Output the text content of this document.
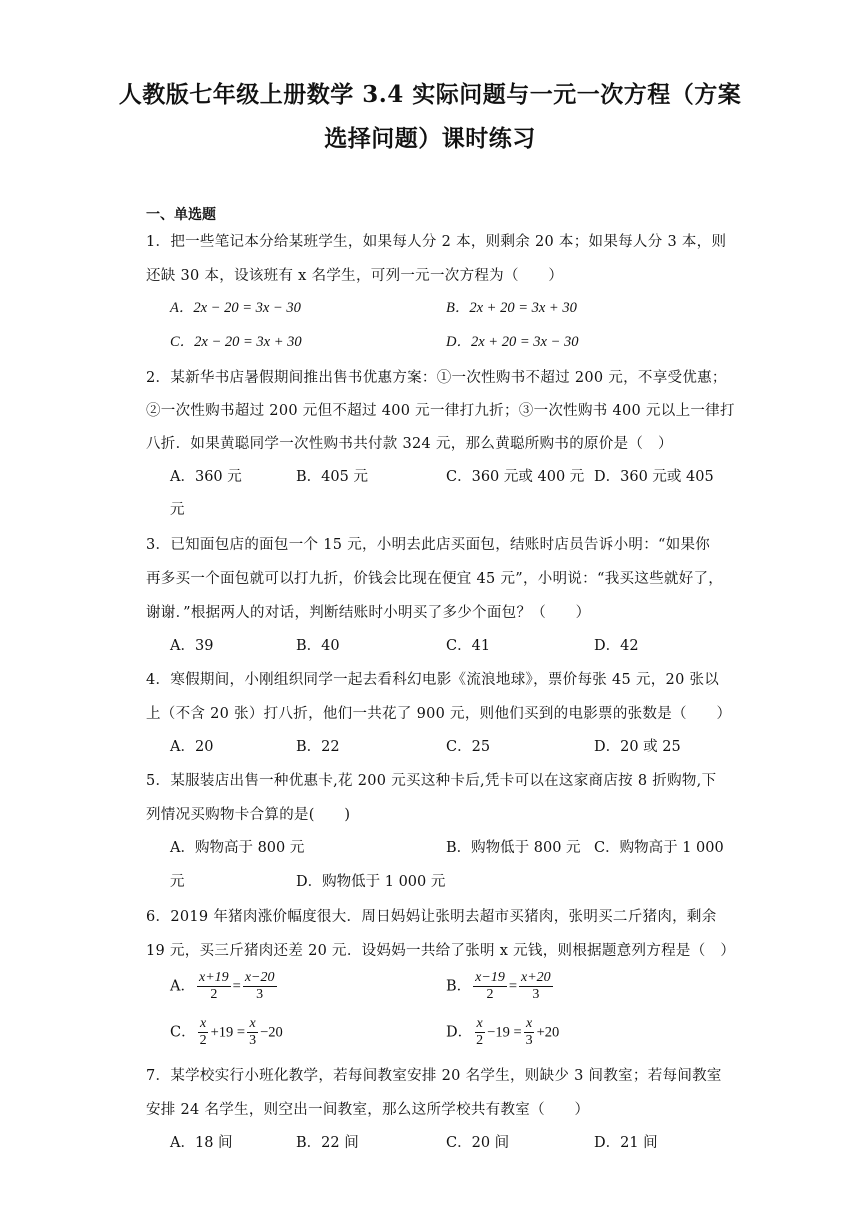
人教版七年级上册数学 3.4 实际问题与一元一次方程（方案
选择问题）课时练习
一、单选题
1．把一些笔记本分给某班学生，如果每人分 2 本，则剩余 20 本；如果每人分 3 本，则
还缺 30 本，设该班有 x 名学生，可列一元一次方程为（　　）
A．2x − 20 = 3x − 30	B．2x + 20 = 3x + 30
C．2x − 20 = 3x + 30	D．2x + 20 = 3x − 30
2．某新华书店暑假期间推出售书优惠方案：①一次性购书不超过 200 元，不享受优惠；
②一次性购书超过 200 元但不超过 400 元一律打九折；③一次性购书 400 元以上一律打
八折．如果黄聪同学一次性购书共付款 324 元，那么黄聪所购书的原价是（　）
A．360 元	B．405 元	C．360 元或 400 元 D．360 元或 405
元
3．已知面包店的面包一个 15 元，小明去此店买面包，结账时店员告诉小明：“如果你
再多买一个面包就可以打九折，价钱会比现在便宜 45 元”，小明说：“我买这些就好了，
谢谢．”根据两人的对话，判断结账时小明买了多少个面包？（　　）
A．39	B．40	C．41	D．42
4．寒假期间，小刚组织同学一起去看科幻电影《流浪地球》，票价每张 45 元，20 张以
上（不含 20 张）打八折，他们一共花了 900 元，则他们买到的电影票的张数是（　　）
A．20	B．22	C．25	D．20 或 25
5．某服装店出售一种优惠卡,花 200 元买这种卡后,凭卡可以在这家商店按 8 折购物,下
列情况买购物卡合算的是(　　)
A．购物高于 800 元	B．购物低于 800 元 C．购物高于 1 000
元	D．购物低于 1 000 元
6．2019 年猪肉涨价幅度很大．周日妈妈让张明去超市买猪肉，张明买二斤猪肉，剩余
19 元，买三斤猪肉还差 20 元．设妈妈一共给了张明 x 元钱，则根据题意列方程是（　）
A． $\frac{x+19}{2} = \frac{x-20}{3}$	B． $\frac{x-19}{2} = \frac{x+20}{3}$
C． $\frac{x}{2} +19 = \frac{x}{3} -20$	D． $\frac{x}{2} -19 = \frac{x}{3} +20$
7．某学校实行小班化教学，若每间教室安排 20 名学生，则缺少 3 间教室；若每间教室
安排 24 名学生，则空出一间教室，那么这所学校共有教室（　　）
A．18 间	B．22 间	C．20 间	D．21 间
